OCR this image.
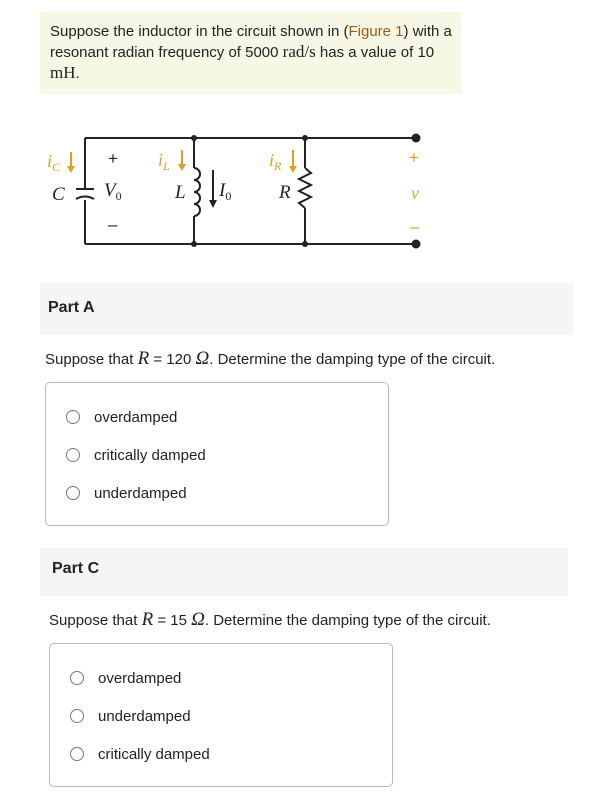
Suppose the inductor in the circuit shown in (Figure 1) with a resonant radian frequency of 5000 rad/s has a value of 10 mH.
$i_C$
C
+
$V_0$
–
$i_L$
L $I_0$
$i_R$
R
+
v
–
Part A
Suppose that R = 120 Ω. Determine the damping type of the circuit.
overdamped
critically damped
underdamped
Part C
Suppose that R = 15 Ω. Determine the damping type of the circuit.
overdamped
underdamped
critically damped
